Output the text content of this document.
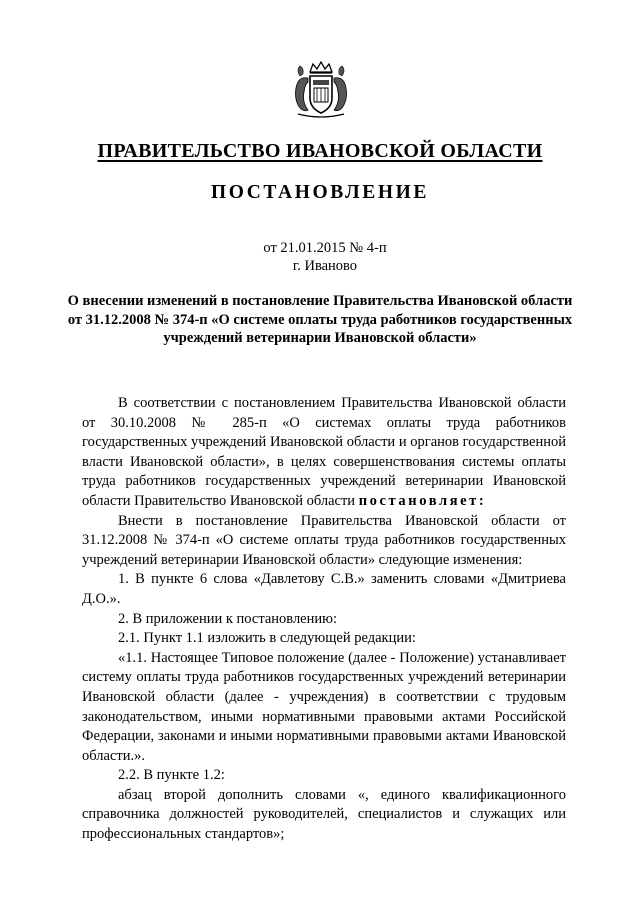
ПРАВИТЕЛЬСТВО ИВАНОВСКОЙ ОБЛАСТИ
ПОСТАНОВЛЕНИЕ

от 21.01.2015 № 4-п

г. Иваново

О внесении изменений в постановление Правительства Ивановской области от 31.12.2008 № 374-п «О системе оплаты труда работников государственных учреждений ветеринарии Ивановской области»

В соответствии с постановлением Правительства Ивановской области от 30.10.2008 № 285-п «О системах оплаты труда работников государственных учреждений Ивановской области и органов государственной власти Ивановской области», в целях совершенствования системы оплаты труда работников государственных учреждений ветеринарии Ивановской области Правительство Ивановской области постановляет:

Внести в постановление Правительства Ивановской области от 31.12.2008 № 374-п «О системе оплаты труда работников государственных учреждений ветеринарии Ивановской области» следующие изменения:

1. В пункте 6 слова «Давлетову С.В.» заменить словами «Дмитриева Д.О.».

2. В приложении к постановлению:

2.1. Пункт 1.1 изложить в следующей редакции:

«1.1. Настоящее Типовое положение (далее - Положение) устанавливает систему оплаты труда работников государственных учреждений ветеринарии Ивановской области (далее - учреждения) в соответствии с трудовым законодательством, иными нормативными правовыми актами Российской Федерации, законами и иными нормативными правовыми актами Ивановской области.».

2.2. В пункте 1.2:

абзац второй дополнить словами «, единого квалификационного справочника должностей руководителей, специалистов и служащих или профессиональных стандартов»;
